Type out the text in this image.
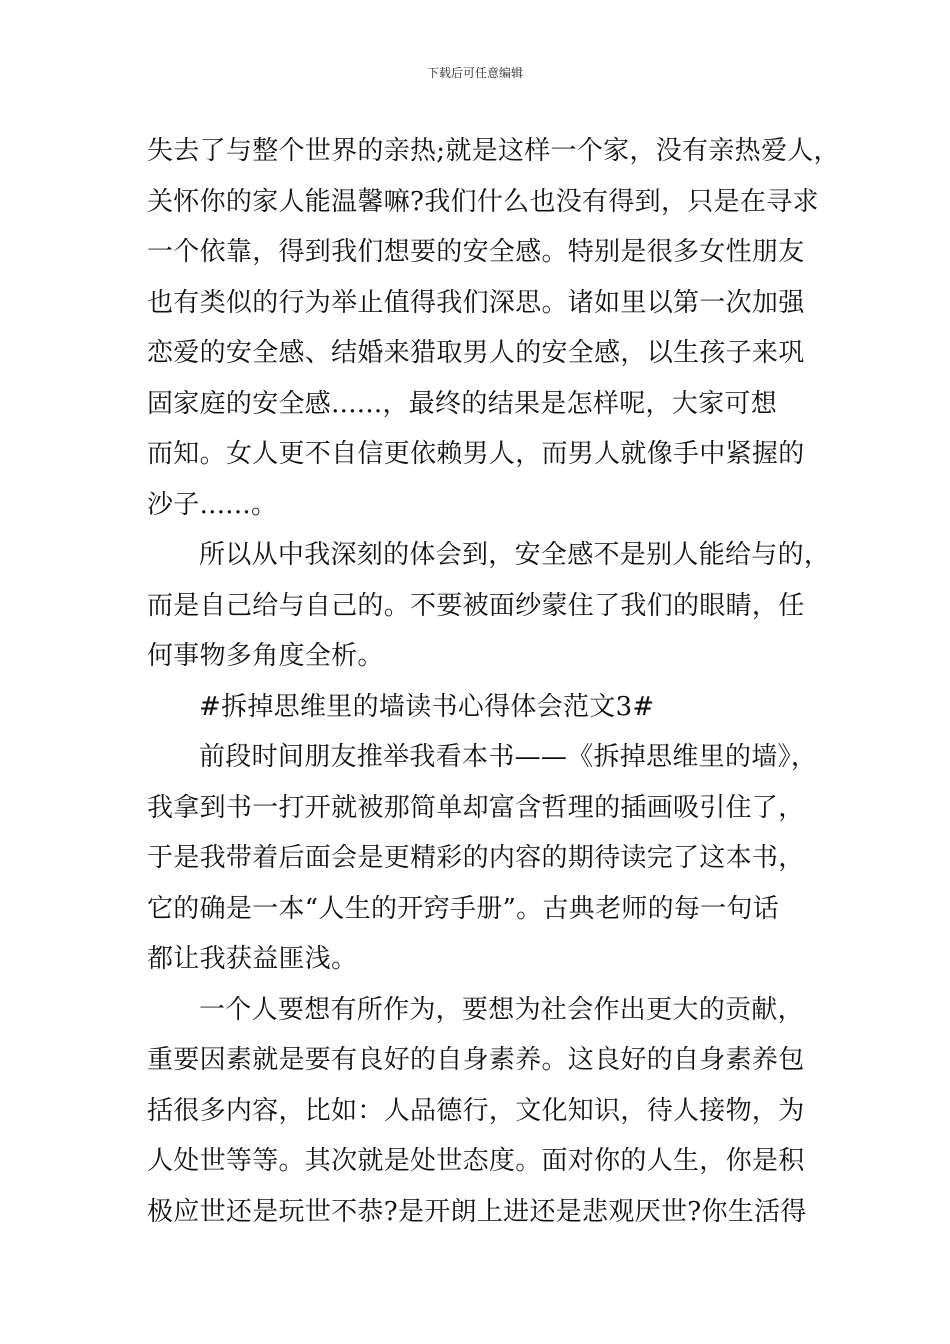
下载后可任意编辑
失去了与整个世界的亲热;就是这样一个家，没有亲热爱人，
关怀你的家人能温馨嘛?我们什么也没有得到，只是在寻求
一个依靠，得到我们想要的安全感。特别是很多女性朋友
也有类似的行为举止值得我们深思。诸如里以第一次加强
恋爱的安全感、结婚来猎取男人的安全感，以生孩子来巩
固家庭的安全感......，最终的结果是怎样呢，大家可想
而知。女人更不自信更依赖男人，而男人就像手中紧握的
沙子......。
所以从中我深刻的体会到，安全感不是别人能给与的，
而是自己给与自己的。不要被面纱蒙住了我们的眼睛，任
何事物多角度全析。
#拆掉思维里的墙读书心得体会范文3#
前段时间朋友推举我看本书——《拆掉思维里的墙》，
我拿到书一打开就被那简单却富含哲理的插画吸引住了，
于是我带着后面会是更精彩的内容的期待读完了这本书，
它的确是一本“人生的开窍手册”。古典老师的每一句话
都让我获益匪浅。
一个人要想有所作为，要想为社会作出更大的贡献，
重要因素就是要有良好的自身素养。这良好的自身素养包
括很多内容，比如：人品德行，文化知识，待人接物，为
人处世等等。其次就是处世态度。面对你的人生，你是积
极应世还是玩世不恭?是开朗上进还是悲观厌世?你生活得
